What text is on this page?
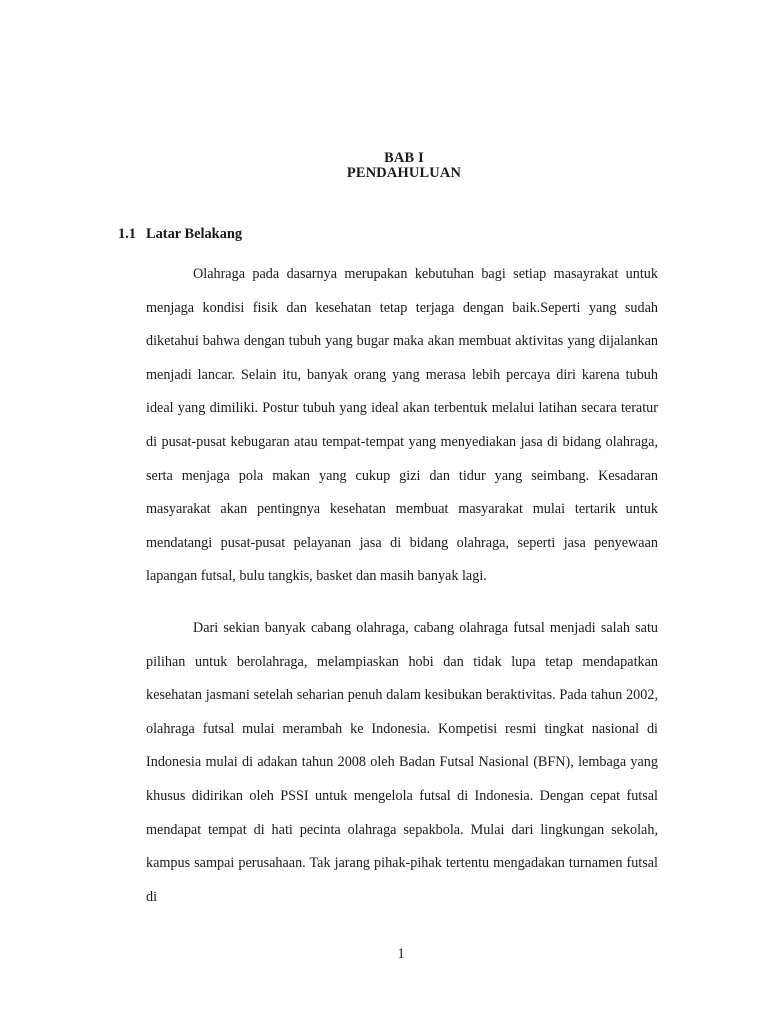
BAB I
PENDAHULUAN
1.1 Latar Belakang

Olahraga pada dasarnya merupakan kebutuhan bagi setiap masayrakat untuk menjaga kondisi fisik dan kesehatan tetap terjaga dengan baik.Seperti yang sudah diketahui bahwa dengan tubuh yang bugar maka akan membuat aktivitas yang dijalankan menjadi lancar. Selain itu, banyak orang yang merasa lebih percaya diri karena tubuh ideal yang dimiliki. Postur tubuh yang ideal akan terbentuk melalui latihan secara teratur di pusat-pusat kebugaran atau tempat-tempat yang menyediakan jasa di bidang olahraga, serta menjaga pola makan yang cukup gizi dan tidur yang seimbang. Kesadaran masyarakat akan pentingnya kesehatan membuat masyarakat mulai tertarik untuk mendatangi pusat-pusat pelayanan jasa di bidang olahraga, seperti jasa penyewaan lapangan futsal, bulu tangkis, basket dan masih banyak lagi.

Dari sekian banyak cabang olahraga, cabang olahraga futsal menjadi salah satu pilihan untuk berolahraga, melampiaskan hobi dan tidak lupa tetap mendapatkan kesehatan jasmani setelah seharian penuh dalam kesibukan beraktivitas. Pada tahun 2002, olahraga futsal mulai merambah ke Indonesia. Kompetisi resmi tingkat nasional di Indonesia mulai di adakan tahun 2008 oleh Badan Futsal Nasional (BFN), lembaga yang khusus didirikan oleh PSSI untuk mengelola futsal di Indonesia. Dengan cepat futsal mendapat tempat di hati pecinta olahraga sepakbola. Mulai dari lingkungan sekolah, kampus sampai perusahaan. Tak jarang pihak-pihak tertentu mengadakan turnamen futsal di

1
